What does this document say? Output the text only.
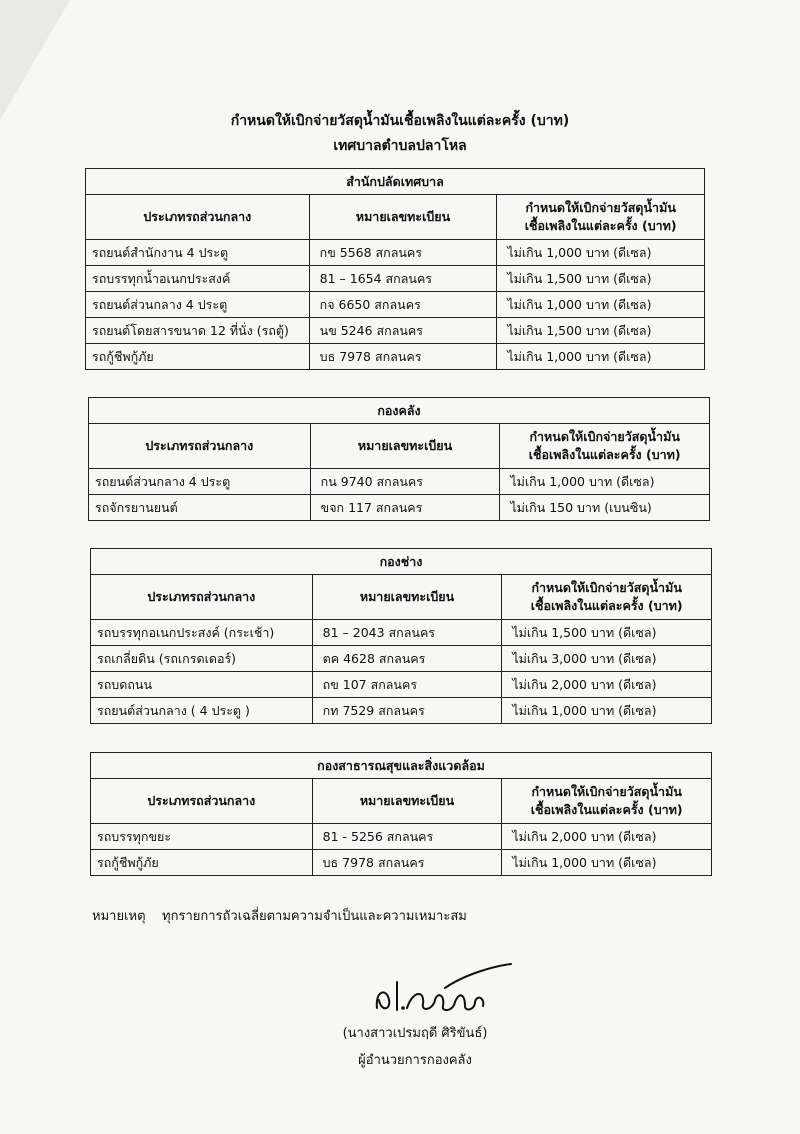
กำหนดให้เบิกจ่ายวัสดุน้ำมันเชื้อเพลิงในแต่ละครั้ง (บาท)
เทศบาลตำบลปลาโหล
สำนักปลัดเทศบาล		
ประเภทรถส่วนกลาง	หมายเลขทะเบียน	กำหนดให้เบิกจ่ายวัสดุน้ำมัน
เชื้อเพลิงในแต่ละครั้ง (บาท)
รถยนต์สำนักงาน 4 ประตู	กข 5568 สกลนคร	ไม่เกิน 1,000 บาท (ดีเซล)
รถบรรทุกน้ำอเนกประสงค์	81 – 1654 สกลนคร	ไม่เกิน 1,500 บาท (ดีเซล)
รถยนต์ส่วนกลาง 4 ประตู	กจ 6650 สกลนคร	ไม่เกิน 1,000 บาท (ดีเซล)
รถยนต์โดยสารขนาด 12 ที่นั่ง (รถตู้)	นข 5246 สกลนคร	ไม่เกิน 1,500 บาท (ดีเซล)
รถกู้ชีพกู้ภัย	บธ 7978 สกลนคร	ไม่เกิน 1,000 บาท (ดีเซล)
กองคลัง		
ประเภทรถส่วนกลาง	หมายเลขทะเบียน	กำหนดให้เบิกจ่ายวัสดุน้ำมัน
เชื้อเพลิงในแต่ละครั้ง (บาท)
รถยนต์ส่วนกลาง 4 ประตู	กน 9740 สกลนคร	ไม่เกิน 1,000 บาท (ดีเซล)
รถจักรยานยนต์	ขจก 117 สกลนคร	ไม่เกิน 150 บาท (เบนซิน)
กองช่าง		
ประเภทรถส่วนกลาง	หมายเลขทะเบียน	กำหนดให้เบิกจ่ายวัสดุน้ำมัน
เชื้อเพลิงในแต่ละครั้ง (บาท)
รถบรรทุกอเนกประสงค์ (กระเช้า)	81 – 2043 สกลนคร	ไม่เกิน 1,500 บาท (ดีเซล)
รถเกลี่ยดิน (รถเกรดเดอร์)	ตค 4628 สกลนคร	ไม่เกิน 3,000 บาท (ดีเซล)
รถบดถนน	ถข 107 สกลนคร	ไม่เกิน 2,000 บาท (ดีเซล)
รถยนต์ส่วนกลาง ( 4 ประตู )	กท 7529 สกลนคร	ไม่เกิน 1,000 บาท (ดีเซล)
กองสาธารณสุขและสิ่งแวดล้อม		
ประเภทรถส่วนกลาง	หมายเลขทะเบียน	กำหนดให้เบิกจ่ายวัสดุน้ำมัน
เชื้อเพลิงในแต่ละครั้ง (บาท)
รถบรรทุกขยะ	81 - 5256 สกลนคร	ไม่เกิน 2,000 บาท (ดีเซล)
รถกู้ชีพกู้ภัย	บธ 7978 สกลนคร	ไม่เกิน 1,000 บาท (ดีเซล)
หมายเหตุ ทุกรายการถัวเฉลี่ยตามความจำเป็นและความเหมาะสม
(นางสาวเปรมฤดี ศิริขันธ์)
ผู้อำนวยการกองคลัง
